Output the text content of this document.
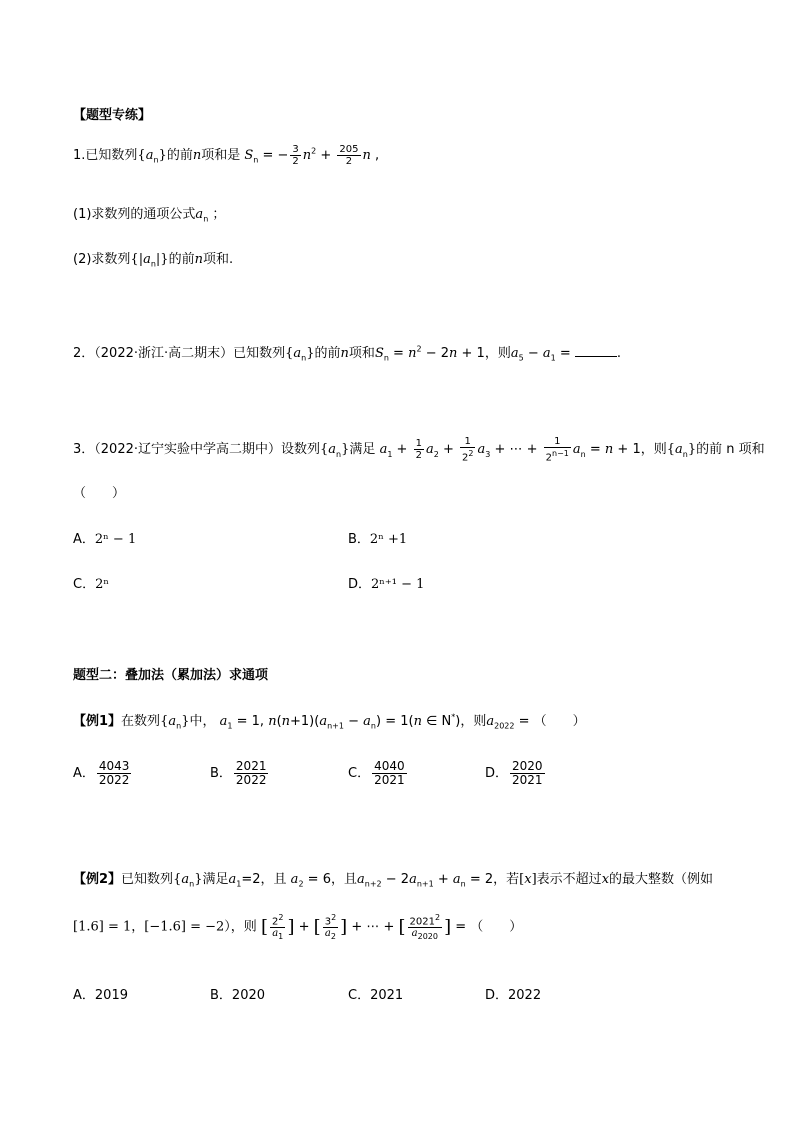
【题型专练】
1.已知数列$\{a_n\}$的前n项和是 $S_n$ = − $\frac{3}{2} n^2 + \frac{205}{2}$ n ,
(1)求数列的通项公式$a_n$ ；
(2)求数列$\{|a_n|\}$的前n项和.
2．（2022·浙江·高二期末）已知数列$\{a_n\}$的前n项和$S_n = n^2 - 2n + 1$，则$a_5 - a_1$ =	.
3．（2022·辽宁实验中学高二期中）设数列$\{a_n\}$满足 $a_1 + \frac{1}{2} a_2 + \frac{1}{2^2} a_3$ + ⋯ + $\frac{1}{2^{n-1}} a_n = n + 1$，则$\{a_n\}$的前 n 项和
（　　）
A．2ⁿ − 1	B．2ⁿ +1
C．2ⁿ	D．2ⁿ⁺¹ − 1
题型二：叠加法（累加法）求通项
【例1】在数列$\{a_n\}$中， $a_1 = 1$, $n(n+1)(a_{n+1} - a_n) = 1(n$ ∈ N*)，则$a_{2022}$ = （　　）
A． $\frac{4043}{2022}$	B． $\frac{2021}{2022}$	C． $\frac{4040}{2021}$	D． $\frac{2020}{2021}$
【例2】已知数列$\{a_n\}$满足$a_1=2$，且 $a_2 = 6$，且$a_{n+2} - 2a_{n+1} + a_n = 2$，若[x]表示不超过x的最大整数（例如
[1.6] = 1，[−1.6] = −2），则 [ $\frac{2^2}{a_1}$ ] + [ $\frac{3^2}{a_2}$ ] + ⋯ + [ $\frac{2021^2}{a_{2020}}$ ] = （　　）
A．2019	B．2020	C．2021	D．2022
